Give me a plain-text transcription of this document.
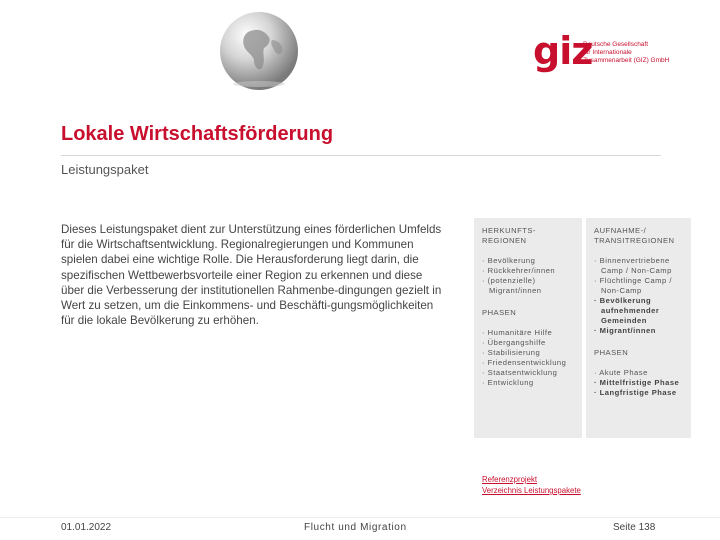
giz
Deutsche Gesellschaft
für Internationale
Zusammenarbeit (GIZ) GmbH
Lokale Wirtschaftsförderung
Leistungspaket
Dieses Leistungspaket dient zur Unterstützung eines förderlichen Umfelds für die Wirtschaftsentwicklung. Regionalregierungen und Kommunen spielen dabei eine wichtige Rolle. Die Herausforderung liegt darin, die spezifischen Wettbewerbsvorteile einer Region zu erkennen und diese über die Verbesserung der institutionellen Rahmenbe-dingungen gezielt in Wert zu setzen, um die Einkommens- und Beschäfti-gungsmöglichkeiten für die lokale Bevölkerung zu erhöhen.
HERKUNFTS-REGIONEN
· Bevölkerung
· Rückkehrer/innen
· (potenzielle) Migrant/innen
PHASEN
· Humanitäre Hilfe
· Übergangshilfe
· Stabilisierung
· Friedensentwicklung
· Staatsentwicklung
· Entwicklung
AUFNAHME-/ TRANSITREGIONEN
· Binnenvertriebene Camp / Non-Camp
· Flüchtlinge Camp / Non-Camp
· Bevölkerung aufnehmender Gemeinden
· Migrant/innen
PHASEN
· Akute Phase
· Mittelfristige Phase
· Langfristige Phase
Referenzprojekt
Verzeichnis Leistungspakete
01.01.2022	Flucht und Migration	Seite 138
